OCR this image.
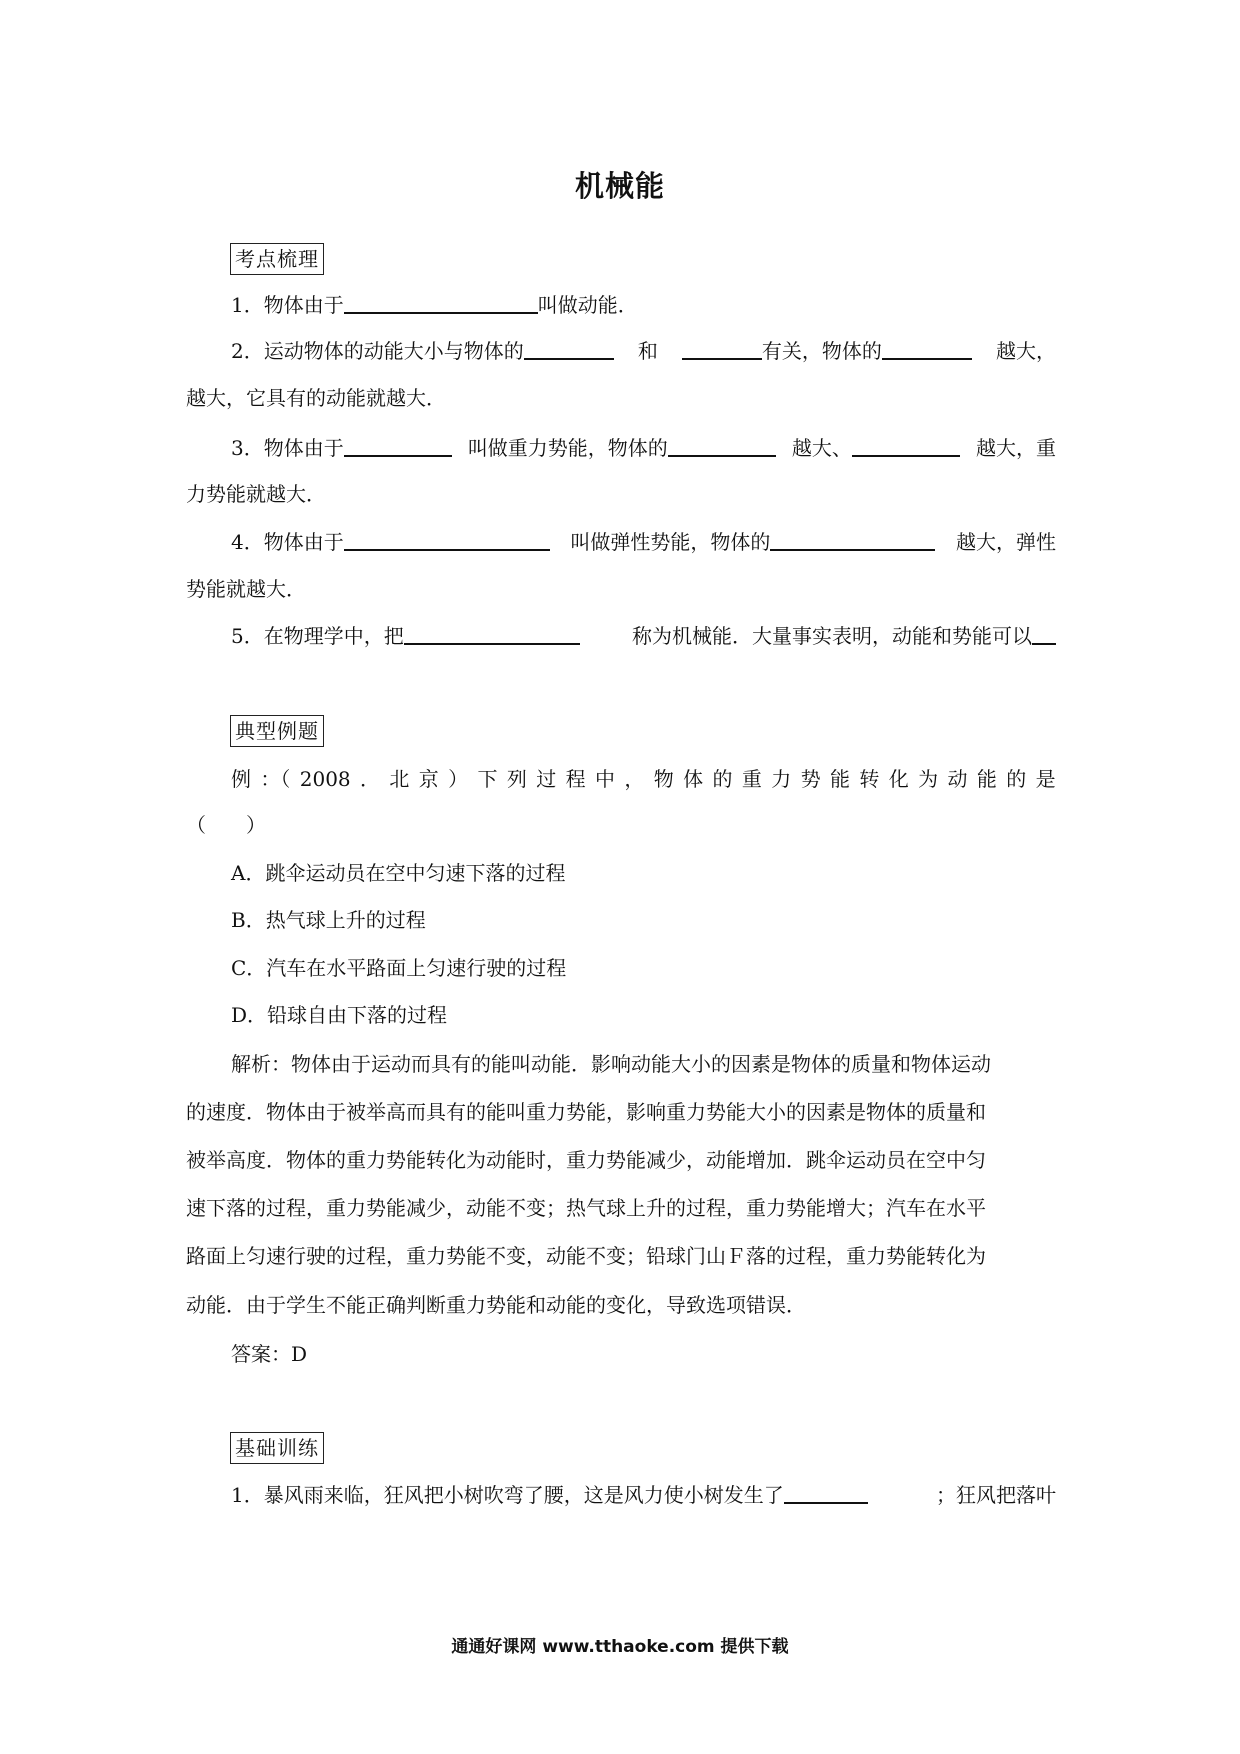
机械能
考点梳理
1．物体由于	叫做动能．
2．运动物体的动能大小与物体的	和	有关，物体的	越大，
越大，它具有的动能就越大．
3．物体由于	叫做重力势能，物体的	越大、	越大，重
力势能就越大．
4．物体由于	叫做弹性势能，物体的	越大，弹性
势能就越大．
5．在物理学中，把	称为机械能．大量事实表明，动能和势能可以
典型例题
例 ：（ 2008 ． 北 京 ） 下 列 过 程 中 ， 物 体 的 重 力 势 能 转 化 为 动 能 的 是
（　　）
A．跳伞运动员在空中匀速下落的过程
B．热气球上升的过程
C．汽车在水平路面上匀速行驶的过程
D．铅球自由下落的过程
解析：物体由于运动而具有的能叫动能．影响动能大小的因素是物体的质量和物体运动
的速度．物体由于被举高而具有的能叫重力势能，影响重力势能大小的因素是物体的质量和
被举高度．物体的重力势能转化为动能时，重力势能减少，动能增加．跳伞运动员在空中匀
速下落的过程，重力势能减少，动能不变；热气球上升的过程，重力势能增大；汽车在水平
路面上匀速行驶的过程，重力势能不变，动能不变；铅球门山Ｆ落的过程，重力势能转化为
动能．由于学生不能正确判断重力势能和动能的变化，导致选项错误．
答案：D
基础训练
1．暴风雨来临，狂风把小树吹弯了腰，这是风力使小树发生了	；狂风把落叶
通通好课网 www.tthaoke.com 提供下载
